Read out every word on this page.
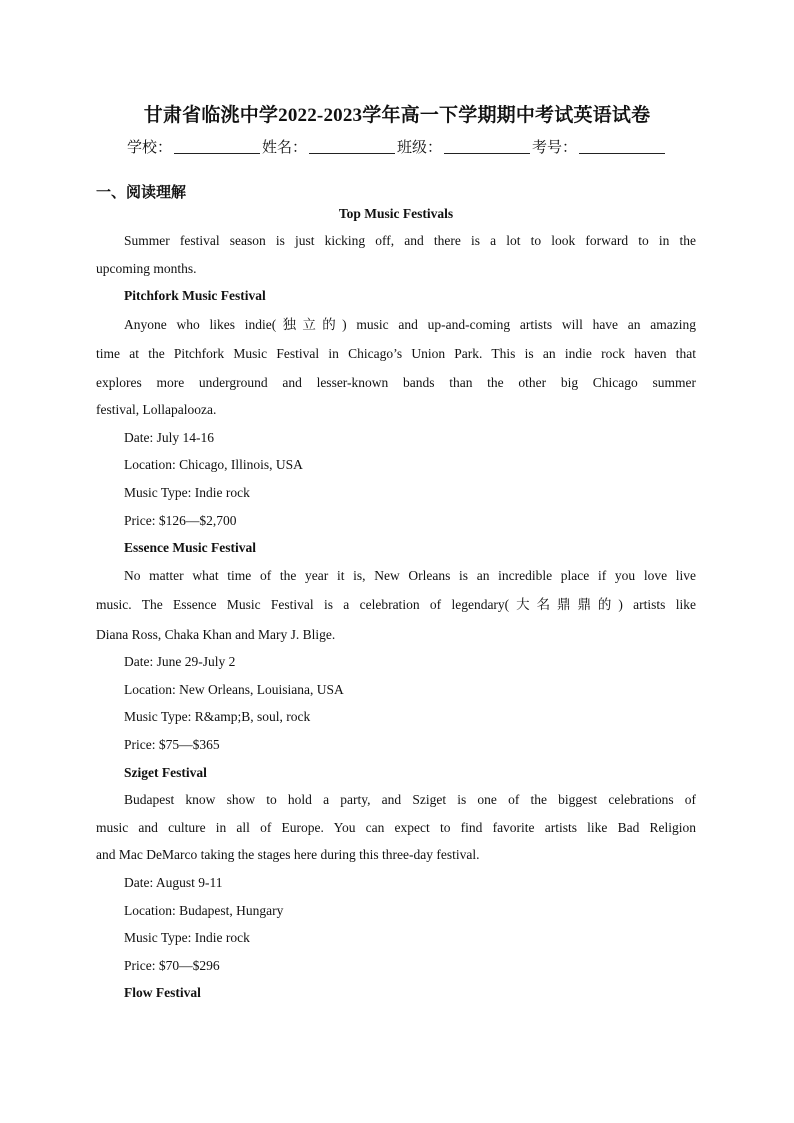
甘肃省临洮中学2022-2023学年高一下学期期中考试英语试卷
学校：	姓名：	班级：	考号：
一、阅读理解
Top Music Festivals
Summer festival season is just kicking off, and there is a lot to look forward to in the
upcoming months.
Pitchfork Music Festival
Anyone who likes indie(独立的) music and up-and-coming artists will have an amazing
time at the Pitchfork Music Festival in Chicago’s Union Park. This is an indie rock haven that
explores more underground and lesser-known bands than the other big Chicago summer
festival, Lollapalooza.
Date: July 14-16
Location: Chicago, Illinois, USA
Music Type: Indie rock
Price: $126—$2,700
Essence Music Festival
No matter what time of the year it is, New Orleans is an incredible place if you love live
music. The Essence Music Festival is a celebration of legendary(大名鼎鼎的) artists like
Diana Ross, Chaka Khan and Mary J. Blige.
Date: June 29-July 2
Location: New Orleans, Louisiana, USA
Music Type: R&amp;B, soul, rock
Price: $75—$365
Sziget Festival
Budapest know show to hold a party, and Sziget is one of the biggest celebrations of
music and culture in all of Europe. You can expect to find favorite artists like Bad Religion
and Mac DeMarco taking the stages here during this three-day festival.
Date: August 9-11
Location: Budapest, Hungary
Music Type: Indie rock
Price: $70—$296
Flow Festival
